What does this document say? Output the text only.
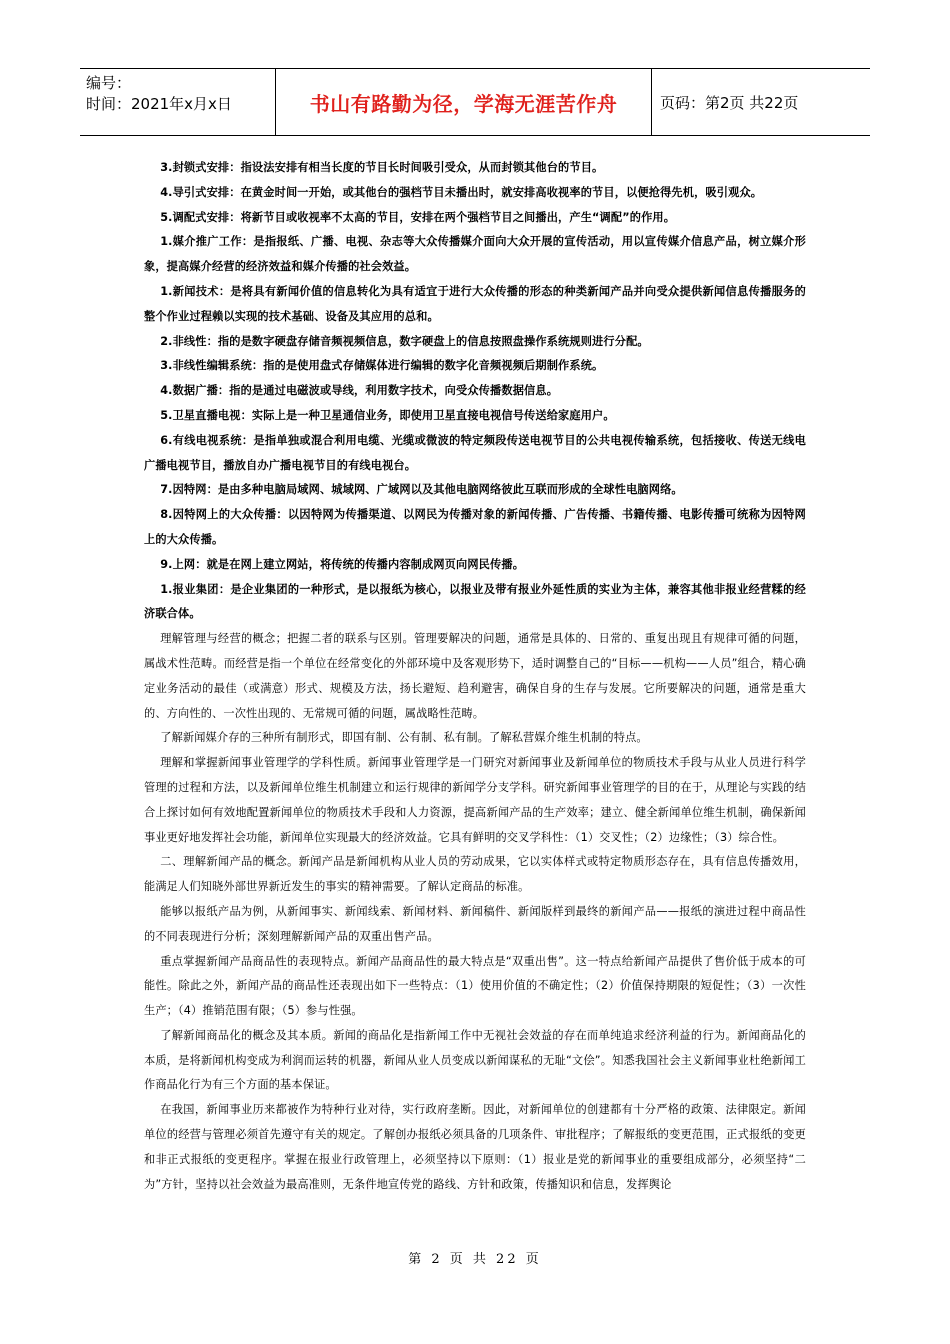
编号：
时间：2021年x月x日	书山有路勤为径，学海无涯苦作舟	页码：第2页 共22页

3.封锁式安排：指设法安排有相当长度的节目长时间吸引受众，从而封锁其他台的节目。

4.导引式安排：在黄金时间一开始，或其他台的强档节目未播出时，就安排高收视率的节目，以便抢得先机，吸引观众。

5.调配式安排：将新节目或收视率不太高的节目，安排在两个强档节目之间播出，产生“调配”的作用。

1.媒介推广工作：是指报纸、广播、电视、杂志等大众传播媒介面向大众开展的宣传活动，用以宣传媒介信息产品，树立媒介形象，提高媒介经营的经济效益和媒介传播的社会效益。

1.新闻技术：是将具有新闻价值的信息转化为具有适宜于进行大众传播的形态的种类新闻产品并向受众提供新闻信息传播服务的整个作业过程赖以实现的技术基础、设备及其应用的总和。

2.非线性：指的是数字硬盘存储音频视频信息，数字硬盘上的信息按照盘操作系统规则进行分配。

3.非线性编辑系统：指的是使用盘式存储媒体进行编辑的数字化音频视频后期制作系统。

4.数据广播：指的是通过电磁波或导线，利用数字技术，向受众传播数据信息。

5.卫星直播电视：实际上是一种卫星通信业务，即使用卫星直接电视信号传送给家庭用户。

6.有线电视系统：是指单独或混合利用电缆、光缆或微波的特定频段传送电视节目的公共电视传输系统，包括接收、传送无线电广播电视节目，播放自办广播电视节目的有线电视台。

7.因特网：是由多种电脑局域网、城域网、广域网以及其他电脑网络彼此互联而形成的全球性电脑网络。

8.因特网上的大众传播：以因特网为传播渠道、以网民为传播对象的新闻传播、广告传播、书籍传播、电影传播可统称为因特网上的大众传播。

9.上网：就是在网上建立网站，将传统的传播内容制成网页向网民传播。

1.报业集团：是企业集团的一种形式，是以报纸为核心，以报业及带有报业外延性质的实业为主体，兼容其他非报业经营糅的经济联合体。

理解管理与经营的概念；把握二者的联系与区别。管理要解决的问题，通常是具体的、日常的、重复出现且有规律可循的问题，属战术性范畴。而经营是指一个单位在经常变化的外部环境中及客观形势下，适时调整自己的“目标——机构——人员”组合，精心确定业务活动的最佳（或满意）形式、规模及方法，扬长避短、趋利避害，确保自身的生存与发展。它所要解决的问题，通常是重大的、方向性的、一次性出现的、无常规可循的问题，属战略性范畴。

了解新闻媒介存的三种所有制形式，即国有制、公有制、私有制。了解私营媒介维生机制的特点。

理解和掌握新闻事业管理学的学科性质。新闻事业管理学是一门研究对新闻事业及新闻单位的物质技术手段与从业人员进行科学管理的过程和方法，以及新闻单位维生机制建立和运行规律的新闻学分支学科。研究新闻事业管理学的目的在于，从理论与实践的结合上探讨如何有效地配置新闻单位的物质技术手段和人力资源，提高新闻产品的生产效率；建立、健全新闻单位维生机制，确保新闻事业更好地发挥社会功能，新闻单位实现最大的经济效益。它具有鲜明的交叉学科性：（1）交叉性；（2）边缘性；（3）综合性。

二、理解新闻产品的概念。新闻产品是新闻机构从业人员的劳动成果，它以实体样式或特定物质形态存在，具有信息传播效用，能满足人们知晓外部世界新近发生的事实的精神需要。了解认定商品的标准。

能够以报纸产品为例，从新闻事实、新闻线索、新闻材料、新闻稿件、新闻版样到最终的新闻产品——报纸的演进过程中商品性的不同表现进行分析；深刻理解新闻产品的双重出售产品。

重点掌握新闻产品商品性的表现特点。新闻产品商品性的最大特点是“双重出售”。这一特点给新闻产品提供了售价低于成本的可能性。除此之外，新闻产品的商品性还表现出如下一些特点：（1）使用价值的不确定性；（2）价值保持期限的短促性；（3）一次性生产；（4）推销范围有限；（5）参与性强。

了解新闻商品化的概念及其本质。新闻的商品化是指新闻工作中无视社会效益的存在而单纯追求经济利益的行为。新闻商品化的本质，是将新闻机构变成为利润而运转的机器，新闻从业人员变成以新闻谋私的无耻“文侩”。知悉我国社会主义新闻事业杜绝新闻工作商品化行为有三个方面的基本保证。

在我国，新闻事业历来都被作为特种行业对待，实行政府垄断。因此，对新闻单位的创建都有十分严格的政策、法律限定。新闻单位的经营与管理必须首先遵守有关的规定。了解创办报纸必须具备的几项条件、审批程序；了解报纸的变更范围，正式报纸的变更和非正式报纸的变更程序。掌握在报业行政管理上，必须坚持以下原则：（1）报业是党的新闻事业的重要组成部分，必须坚持“二为”方针，坚持以社会效益为最高准则，无条件地宣传党的路线、方针和政策，传播知识和信息，发挥舆论

第 2 页 共 22 页
